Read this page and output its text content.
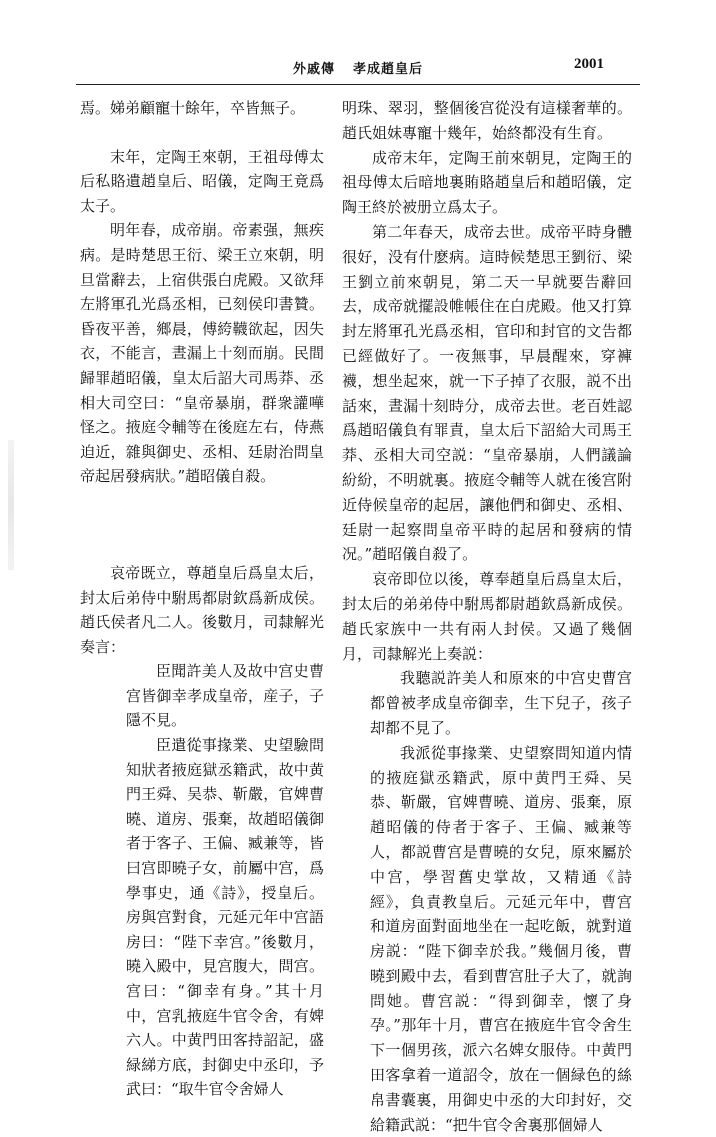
外戚傳 孝成趙皇后	2001

焉。娣弟顧寵十餘年，卒皆無子。

末年，定陶王來朝，王祖母傅太后私賂遺趙皇后、昭儀，定陶王竟爲太子。

明年春，成帝崩。帝素强，無疾病。是時楚思王衍、梁王立來朝，明旦當辭去，上宿供張白虎殿。又欲拜左將軍孔光爲丞相，已刻侯印書贊。昏夜平善，鄉晨，傅絝韈欲起，因失衣，不能言，晝漏上十刻而崩。民間歸罪趙昭儀，皇太后詔大司馬莽、丞相大司空曰：“皇帝暴崩，群衆讙嘩怪之。掖庭令輔等在後庭左右，侍燕迫近，雜與御史、丞相、廷尉治問皇帝起居發病狀。”趙昭儀自殺。

哀帝既立，尊趙皇后爲皇太后，封太后弟侍中駙馬都尉欽爲新成侯。趙氏侯者凡二人。後數月，司隸解光奏言：

臣聞許美人及故中宫史曹宫皆御幸孝成皇帝，産子，子隱不見。

臣遣從事掾業、史望驗問知狀者掖庭獄丞籍武，故中黄門王舜、吴恭、靳嚴，官婢曹曉、道房、張棄，故趙昭儀御者于客子、王偏、臧兼等，皆曰宫即曉子女，前屬中宫，爲學事史，通《詩》，授皇后。房與宫對食，元延元年中宫語房曰：“陛下幸宫。”後數月，曉入殿中，見宫腹大，問宫。宫曰：“御幸有身。”其十月中，宫乳掖庭牛官令舍，有婢六人。中黄門田客持詔記，盛緑綈方底，封御史中丞印，予武曰：“取牛官令舍婦人

明珠、翠羽，整個後宫從没有這樣奢華的。趙氏姐妹專寵十幾年，始終都没有生育。

成帝末年，定陶王前來朝見，定陶王的祖母傅太后暗地裏賄賂趙皇后和趙昭儀，定陶王終於被册立爲太子。

第二年春天，成帝去世。成帝平時身體很好，没有什麽病。這時候楚思王劉衍、梁王劉立前來朝見，第二天一早就要告辭回去，成帝就擺設帷帳住在白虎殿。他又打算封左將軍孔光爲丞相，官印和封官的文告都已經做好了。一夜無事，早晨醒來，穿褲襪，想坐起來，就一下子掉了衣服，説不出話來，晝漏十刻時分，成帝去世。老百姓認爲趙昭儀負有罪責，皇太后下詔給大司馬王莽、丞相大司空説：“皇帝暴崩，人們議論紛紛，不明就裏。掖庭令輔等人就在後宫附近侍候皇帝的起居，讓他們和御史、丞相、廷尉一起察問皇帝平時的起居和發病的情况。”趙昭儀自殺了。

哀帝即位以後，尊奉趙皇后爲皇太后，封太后的弟弟侍中駙馬都尉趙欽爲新成侯。趙氏家族中一共有兩人封侯。又過了幾個月，司隸解光上奏説：

我聽説許美人和原來的中宫史曹宫都曾被孝成皇帝御幸，生下兒子，孩子却都不見了。

我派從事掾業、史望察問知道内情的掖庭獄丞籍武，原中黄門王舜、吴恭、靳嚴，官婢曹曉、道房、張棄，原趙昭儀的侍者于客子、王偏、臧兼等人，都説曹宫是曹曉的女兒，原來屬於中宫，學習舊史掌故，又精通《詩經》，負責教皇后。元延元年中，曹宫和道房面對面地坐在一起吃飯，就對道房説：“陛下御幸於我。”幾個月後，曹曉到殿中去，看到曹宫肚子大了，就詢問她。曹宫説：“得到御幸，懷了身孕。”那年十月，曹宫在掖庭牛官令舍生下一個男孩，派六名婢女服侍。中黄門田客拿着一道詔令，放在一個緑色的絲帛書囊裏，用御史中丞的大印封好，交給籍武説：“把牛官令舍裏那個婦人
